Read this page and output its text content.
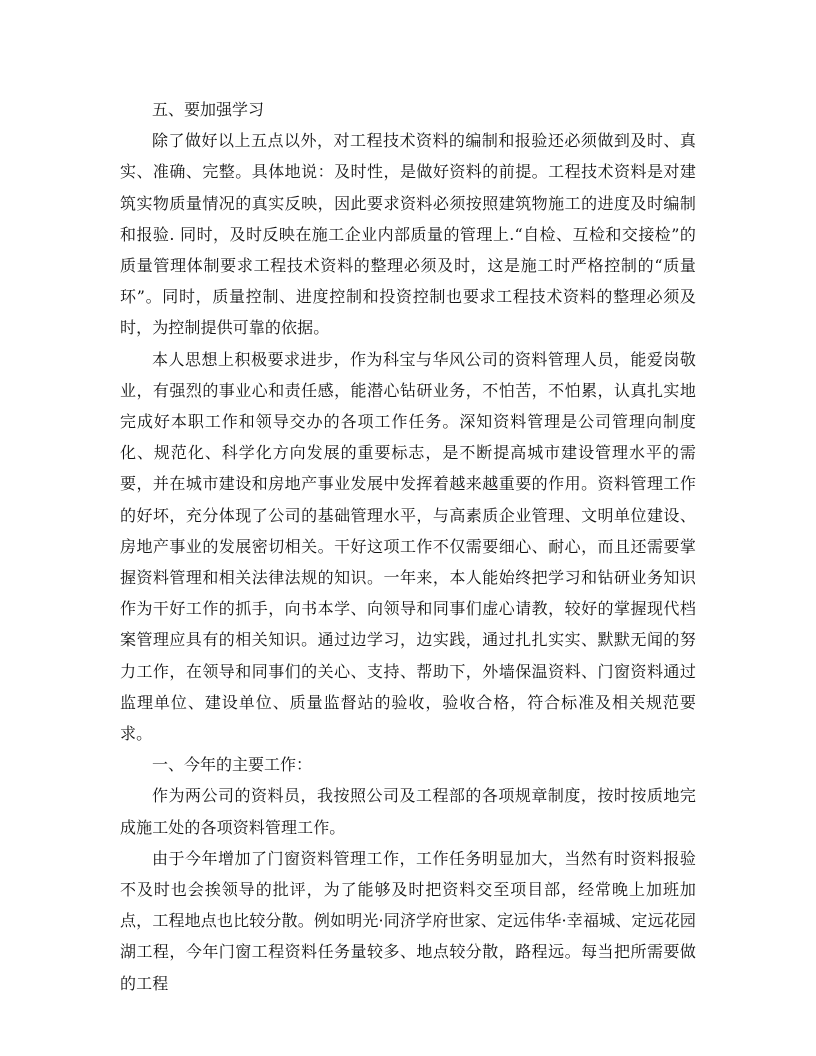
五、要加强学习

除了做好以上五点以外，对工程技术资料的编制和报验还必须做到及时、真实、准确、完整。具体地说：及时性，是做好资料的前提。工程技术资料是对建筑实物质量情况的真实反映，因此要求资料必须按照建筑物施工的进度及时编制和报验. 同时，及时反映在施工企业内部质量的管理上.“自检、互检和交接检”的质量管理体制要求工程技术资料的整理必须及时，这是施工时严格控制的“质量环”。同时，质量控制、进度控制和投资控制也要求工程技术资料的整理必须及时，为控制提供可靠的依据。

本人思想上积极要求进步，作为科宝与华风公司的资料管理人员，能爱岗敬业，有强烈的事业心和责任感，能潜心钻研业务，不怕苦，不怕累，认真扎实地完成好本职工作和领导交办的各项工作任务。深知资料管理是公司管理向制度化、规范化、科学化方向发展的重要标志，是不断提高城市建设管理水平的需要，并在城市建设和房地产事业发展中发挥着越来越重要的作用。资料管理工作的好坏，充分体现了公司的基础管理水平，与高素质企业管理、文明单位建设、房地产事业的发展密切相关。干好这项工作不仅需要细心、耐心，而且还需要掌握资料管理和相关法律法规的知识。一年来，本人能始终把学习和钻研业务知识作为干好工作的抓手，向书本学、向领导和同事们虚心请教，较好的掌握现代档案管理应具有的相关知识。通过边学习，边实践，通过扎扎实实、默默无闻的努力工作，在领导和同事们的关心、支持、帮助下，外墙保温资料、门窗资料通过监理单位、建设单位、质量监督站的验收，验收合格，符合标准及相关规范要求。

一、今年的主要工作：

作为两公司的资料员，我按照公司及工程部的各项规章制度，按时按质地完成施工处的各项资料管理工作。

由于今年增加了门窗资料管理工作，工作任务明显加大，当然有时资料报验不及时也会挨领导的批评，为了能够及时把资料交至项目部，经常晚上加班加点，工程地点也比较分散。例如明光·同济学府世家、定远伟华·幸福城、定远花园湖工程，今年门窗工程资料任务量较多、地点较分散，路程远。每当把所需要做的工程
